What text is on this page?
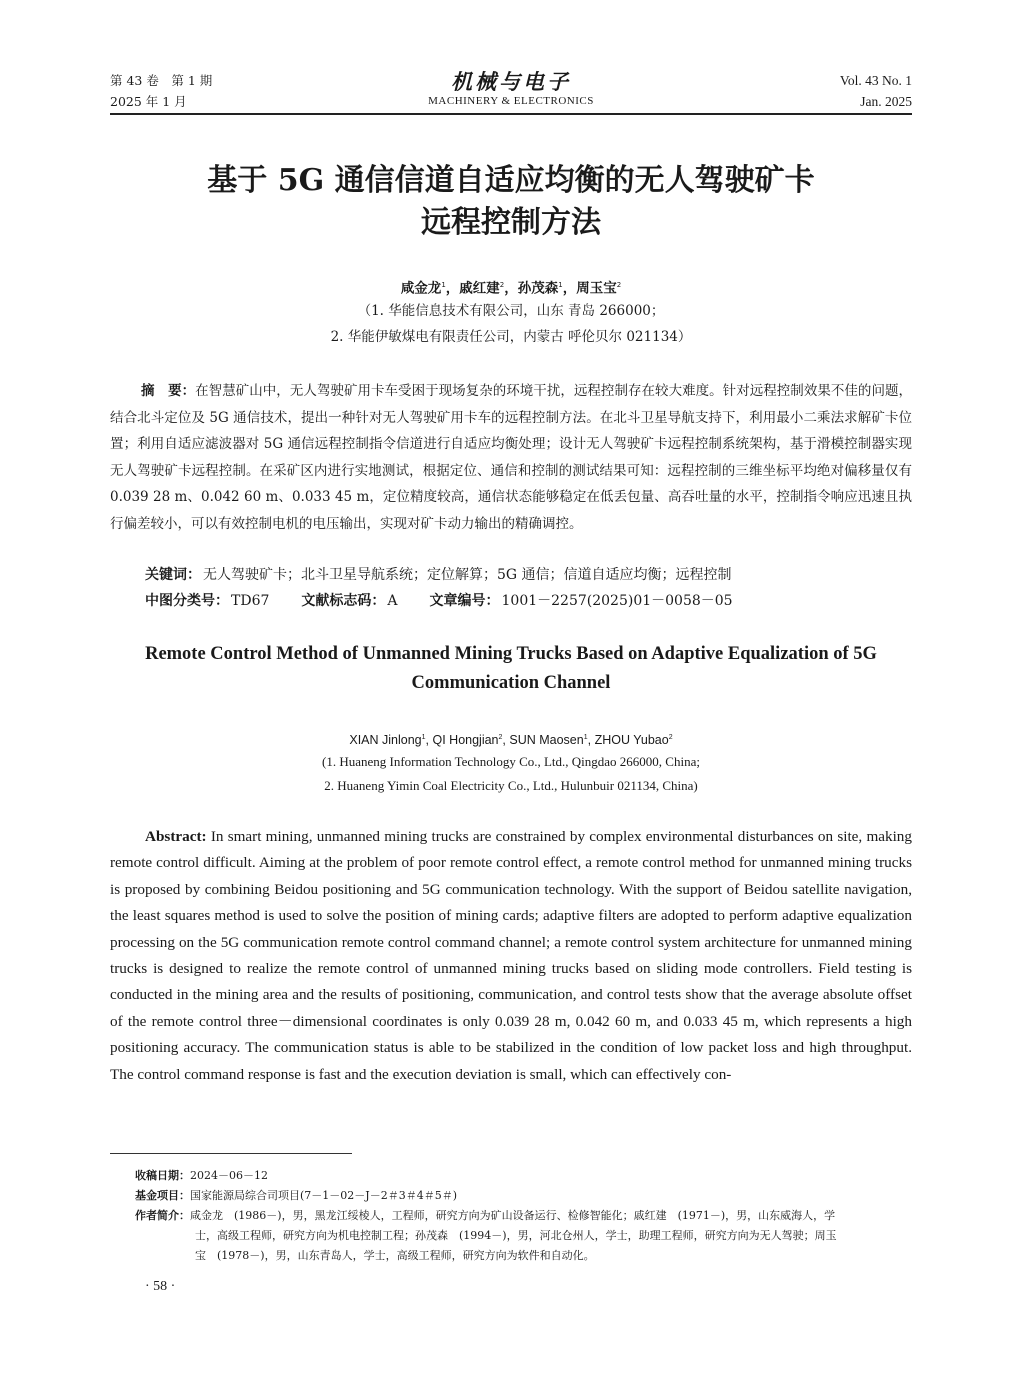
第 43 卷　第 1 期
2025 年 1 月
机械与电子
MACHINERY & ELECTRONICS
Vol. 43 No. 1
Jan. 2025
基于 5G 通信信道自适应均衡的无人驾驶矿卡
远程控制方法
咸金龙$^1$，戚红建$^2$，孙茂森$^1$，周玉宝$^2$
（1. 华能信息技术有限公司，山东 青岛 266000；
2. 华能伊敏煤电有限责任公司，内蒙古 呼伦贝尔 021134）
摘　要：在智慧矿山中，无人驾驶矿用卡车受困于现场复杂的环境干扰，远程控制存在较大难度。针对远程控制效果不佳的问题，结合北斗定位及 5G 通信技术，提出一种针对无人驾驶矿用卡车的远程控制方法。在北斗卫星导航支持下，利用最小二乘法求解矿卡位置；利用自适应滤波器对 5G 通信远程控制指令信道进行自适应均衡处理；设计无人驾驶矿卡远程控制系统架构，基于滑模控制器实现无人驾驶矿卡远程控制。在采矿区内进行实地测试，根据定位、通信和控制的测试结果可知：远程控制的三维坐标平均绝对偏移量仅有 0.039 28 m、0.042 60 m、0.033 45 m，定位精度较高，通信状态能够稳定在低丢包量、高吞吐量的水平，控制指令响应迅速且执行偏差较小，可以有效控制电机的电压输出，实现对矿卡动力输出的精确调控。
关键词： 无人驾驶矿卡；北斗卫星导航系统；定位解算；5G 通信；信道自适应均衡；远程控制
中图分类号： TD67 文献标志码： A 文章编号： 1001－2257(2025)01－0058－05
Remote Control Method of Unmanned Mining Trucks Based on Adaptive Equalization of 5G
Communication Channel
XIAN Jinlong$^1$, QI Hongjian$^2$, SUN Maosen$^1$, ZHOU Yubao$^2$
(1. Huaneng Information Technology Co., Ltd., Qingdao 266000, China;
2. Huaneng Yimin Coal Electricity Co., Ltd., Hulunbuir 021134, China)
Abstract: In smart mining, unmanned mining trucks are constrained by complex environmental disturbances on site, making remote control difficult. Aiming at the problem of poor remote control effect, a remote control method for unmanned mining trucks is proposed by combining Beidou positioning and 5G communication technology. With the support of Beidou satellite navigation, the least squares method is used to solve the position of mining cards; adaptive filters are adopted to perform adaptive equalization processing on the 5G communication remote control command channel; a remote control system architecture for unmanned mining trucks is designed to realize the remote control of unmanned mining trucks based on sliding mode controllers. Field testing is conducted in the mining area and the results of positioning, communication, and control tests show that the average absolute offset of the remote control three－dimensional coordinates is only 0.039 28 m, 0.042 60 m, and 0.033 45 m, which represents a high positioning accuracy. The communication status is able to be stabilized in the condition of low packet loss and high throughput. The control command response is fast and the execution deviation is small, which can effectively con-
收稿日期：2024－06－12
基金项目：国家能源局综合司项目(7－1－02－J－2＃3＃4＃5＃)
作者简介：咸金龙　(1986－)，男，黑龙江绥棱人，工程师，研究方向为矿山设备运行、检修智能化；戚红建　(1971－)，男，山东威海人，学
士，高级工程师，研究方向为机电控制工程；孙茂森　(1994－)，男，河北仓州人，学士，助理工程师，研究方向为无人驾驶；周玉
宝　(1978－)，男，山东青岛人，学士，高级工程师，研究方向为软件和自动化。
· 58 ·
